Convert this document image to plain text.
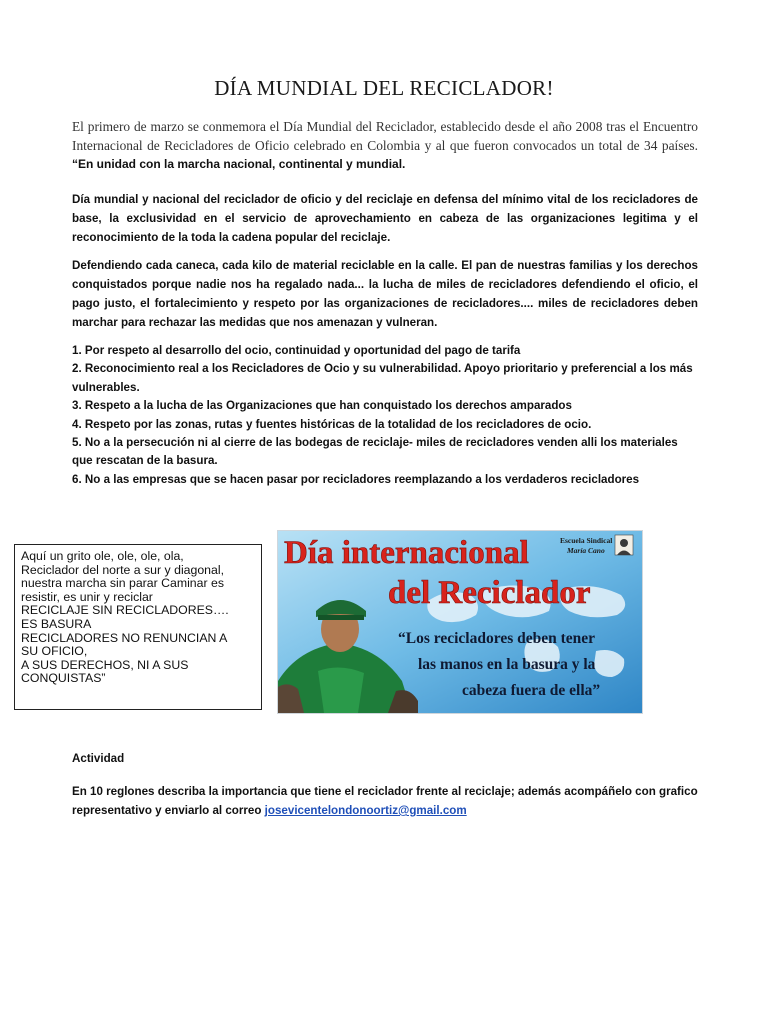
DÍA MUNDIAL DEL RECICLADOR!

El primero de marzo se conmemora el Día Mundial del Reciclador, establecido desde el año 2008 tras el Encuentro Internacional de Recicladores de Oficio celebrado en Colombia y al que fueron convocados un total de 34 países. “En unidad con la marcha nacional, continental y mundial.

Día mundial y nacional del reciclador de oficio y del reciclaje en defensa del mínimo vital de los recicladores de base, la exclusividad en el servicio de aprovechamiento en cabeza de las organizaciones legitima y el reconocimiento de la toda la cadena popular del reciclaje.

Defendiendo cada caneca, cada kilo de material reciclable en la calle. El pan de nuestras familias y los derechos conquistados porque nadie nos ha regalado nada... la lucha de miles de recicladores defendiendo el oficio, el pago justo, el fortalecimiento y respeto por las organizaciones de recicladores.... miles de recicladores deben marchar para rechazar las medidas que nos amenazan y vulneran.

1. Por respeto al desarrollo del ocio, continuidad y oportunidad del pago de tarifa
2. Reconocimiento real a los Recicladores de Ocio y su vulnerabilidad. Apoyo prioritario y preferencial a los más vulnerables.
3. Respeto a la lucha de las Organizaciones que han conquistado los derechos amparados
4. Respeto por las zonas, rutas y fuentes históricas de la totalidad de los recicladores de ocio.
5. No a la persecución ni al cierre de las bodegas de reciclaje- miles de recicladores venden alli los materiales que rescatan de la basura.
6. No a las empresas que se hacen pasar por recicladores reemplazando a los verdaderos recicladores
Aquí un grito ole, ole, ole, ola,
Reciclador del norte a sur y diagonal,
nuestra marcha sin parar Caminar es
resistir, es unir y reciclar
RECICLAJE SIN RECICLADORES….
ES BASURA
RECICLADORES NO RENUNCIAN A
SU OFICIO,
A SUS DERECHOS, NI A SUS
CONQUISTAS”
Día internacional
del Reciclador
Escuela Sindical
María Cano
“Los recicladores deben tener
las manos en la basura y la
cabeza fuera de ella”

Actividad

En 10 reglones describa la importancia que tiene el reciclador frente al reciclaje; además acompáñelo con grafico representativo y enviarlo al correo josevicentelondonoortiz@gmail.com
